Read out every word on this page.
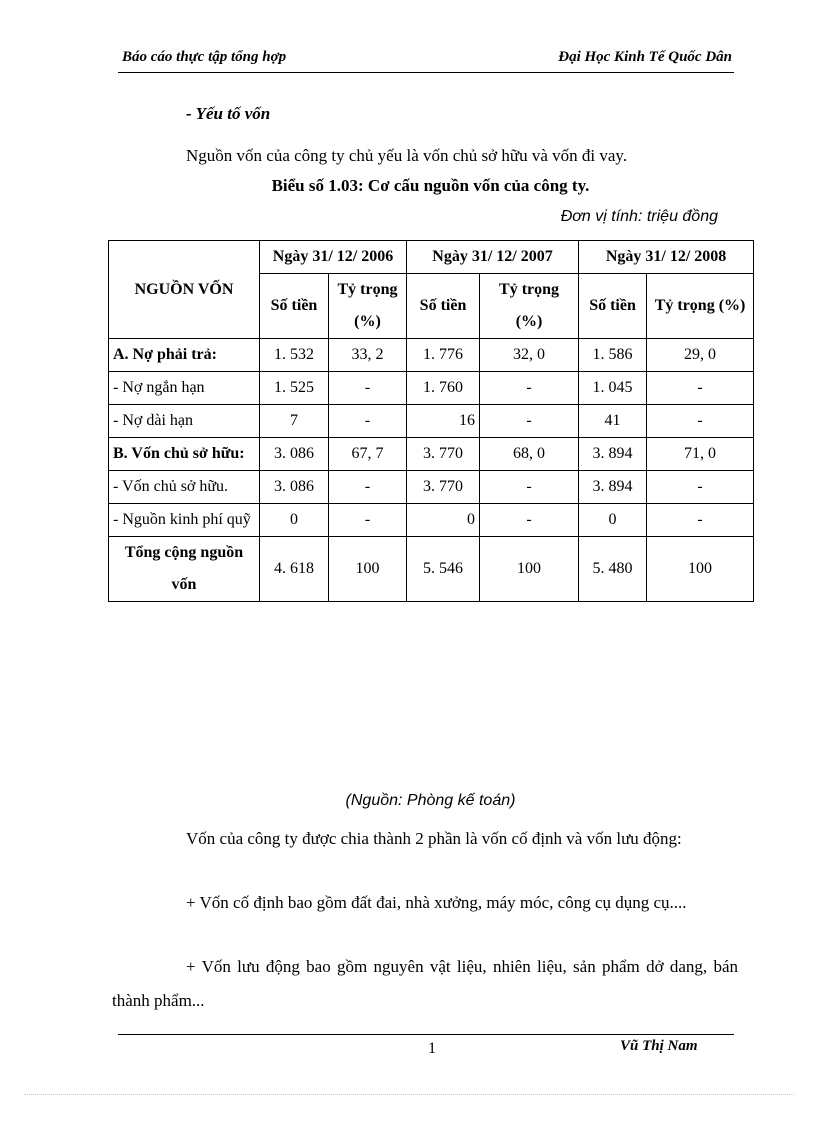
Báo cáo thực tập tổng hợp	Đại Học Kinh Tế Quốc Dân
- Yếu tố vốn
Nguồn vốn của công ty chủ yếu là vốn chủ sở hữu và vốn đi vay.
Biểu số 1.03: Cơ cấu nguồn vốn của công ty.
Đơn vị tính: triệu đồng
NGUỒN VỐN	Ngày 31/ 12/ 2006		Ngày 31/ 12/ 2007		Ngày 31/ 12/ 2008	
	Số tiền	Tỷ trọng (%)	Số tiền	Tỷ trọng (%)	Số tiền	Tỷ trọng (%)
A. Nợ phải trả:	1. 532	33, 2	1. 776	32, 0	1. 586	29, 0
- Nợ ngắn hạn	1. 525	-	1. 760	-	1. 045	-
- Nợ dài hạn	7	-	16	-	41	-
B. Vốn chủ sở hữu:	3. 086	67, 7	3. 770	68, 0	3. 894	71, 0
- Vốn chủ sở hữu.	3. 086	-	3. 770	-	3. 894	-
- Nguồn kinh phí quỹ	0	-	0	-	0	-
Tổng cộng nguồn vốn	4. 618	100	5. 546	100	5. 480	100
(Nguồn: Phòng kế toán)
Vốn của công ty được chia thành 2 phần là vốn cố định và vốn lưu động:
+ Vốn cố định bao gồm đất đai, nhà xưởng, máy móc, công cụ dụng cụ....
+ Vốn lưu động bao gồm nguyên vật liệu, nhiên liệu, sản phẩm dở dang, bán thành phẩm...
1	Vũ Thị Nam
